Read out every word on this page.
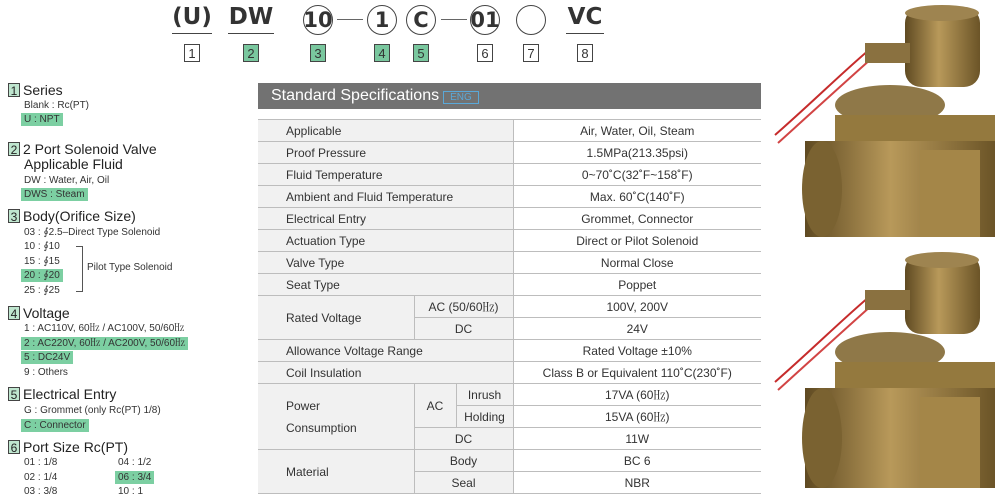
(U) DW 10	1	C	01	VC
1	2	3	4	5	6	7	8
1 Series
Blank : Rc(PT)
U : NPT
2 2 Port Solenoid Valve
Applicable Fluid
DW : Water, Air, Oil
DWS : Steam
3 Body(Orifice Size)
03 : ∮2.5–Direct Type Solenoid
10 : ∮10
15 : ∮15
20 : ∮20
25 : ∮25
Pilot Type Solenoid
4 Voltage
1 : AC110V, 60㎐ / AC100V, 50/60㎐
2 : AC220V, 60㎐ / AC200V, 50/60㎐
5 : DC24V
9 : Others
5 Electrical Entry
G : Grommet (only Rc(PT) 1/8)
C : Connector
6 Port Size Rc(PT)
01 : 1/8
02 : 1/4
03 : 3/8
04 : 1/2
06 : 3/4
10 : 1
Standard Specifications ENG
Applicable			Air, Water, Oil, Steam
Proof Pressure			1.5MPa(213.35psi)
Fluid Temperature			0~70˚C(32˚F~158˚F)
Ambient and Fluid Temperature			Max. 60˚C(140˚F)
Electrical Entry			Grommet, Connector
Actuation Type			Direct or Pilot Solenoid
Valve Type			Normal Close
Seat Type			Poppet
Rated Voltage	AC (50/60㎐)		100V, 200V
	DC		24V
Allowance Voltage Range			Rated Voltage ±10%
Coil Insulation			Class B or Equivalent 110˚C(230˚F)
Power
Consumption	AC	Inrush	17VA (60㎐)
		Holding	15VA (60㎐)
	DC		11W
Material	Body		BC 6
	Seal		NBR
